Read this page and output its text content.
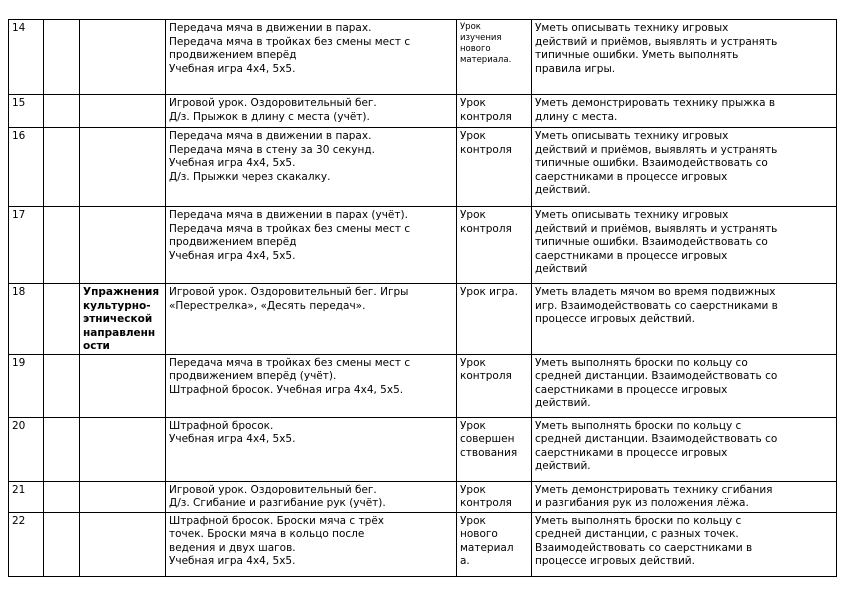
14			Передача мяча в движении в парах.
Передача мяча в тройках без смены мест с
продвижением вперёд
Учебная игра 4х4, 5х5.	Урок
изучения
нового
материала.	Уметь описывать технику игровых
действий и приёмов, выявлять и устранять
типичные ошибки. Уметь выполнять
правила игры.

15			Игровой урок. Оздоровительный бег.
Д/з. Прыжок в длину с места (учёт).	Урок
контроля	Уметь демонстрировать технику прыжка в
длину с места.

16			Передача мяча в движении в парах.
Передача мяча в стену за 30 секунд.
Учебная игра 4х4, 5х5.
Д/з. Прыжки через скакалку.	Урок
контроля	Уметь описывать технику игровых
действий и приёмов, выявлять и устранять
типичные ошибки. Взаимодействовать со
саерстниками в процессе игровых
действий.

17			Передача мяча в движении в парах (учёт).
Передача мяча в тройках без смены мест с
продвижением вперёд
Учебная игра 4х4, 5х5.	Урок
контроля	Уметь описывать технику игровых
действий и приёмов, выявлять и устранять
типичные ошибки. Взаимодействовать со
саерстниками в процессе игровых
действий

18		Упражнения
культурно-
этнической
направленн
ости	Игровой урок. Оздоровительный бег. Игры
«Перестрелка», «Десять передач».	Урок игра.	Уметь владеть мячом во время подвижных
игр. Взаимодействовать со саерстниками в
процессе игровых действий.

19			Передача мяча в тройках без смены мест с
продвижением вперёд (учёт).
Штрафной бросок. Учебная игра 4х4, 5х5.	Урок
контроля	Уметь выполнять броски по кольцу со
средней дистанции. Взаимодействовать со
саерстниками в процессе игровых
действий.

20			Штрафной бросок.
Учебная игра 4х4, 5х5.	Урок
совершен
ствования	Уметь выполнять броски по кольцу с
средней дистанции. Взаимодействовать со
саерстниками в процессе игровых
действий.

21			Игровой урок. Оздоровительный бег.
Д/з. Сгибание и разгибание рук (учёт).	Урок
контроля	Уметь демонстрировать технику сгибания
и разгибания рук из положения лёжа.

22			Штрафной бросок. Броски мяча с трёх
точек. Броски мяча в кольцо после
ведения и двух шагов.
Учебная игра 4х4, 5х5.	Урок
нового
материал
а.	Уметь выполнять броски по кольцу с
средней дистанции, с разных точек.
Взаимодействовать со саерстниками в
процессе игровых действий.
